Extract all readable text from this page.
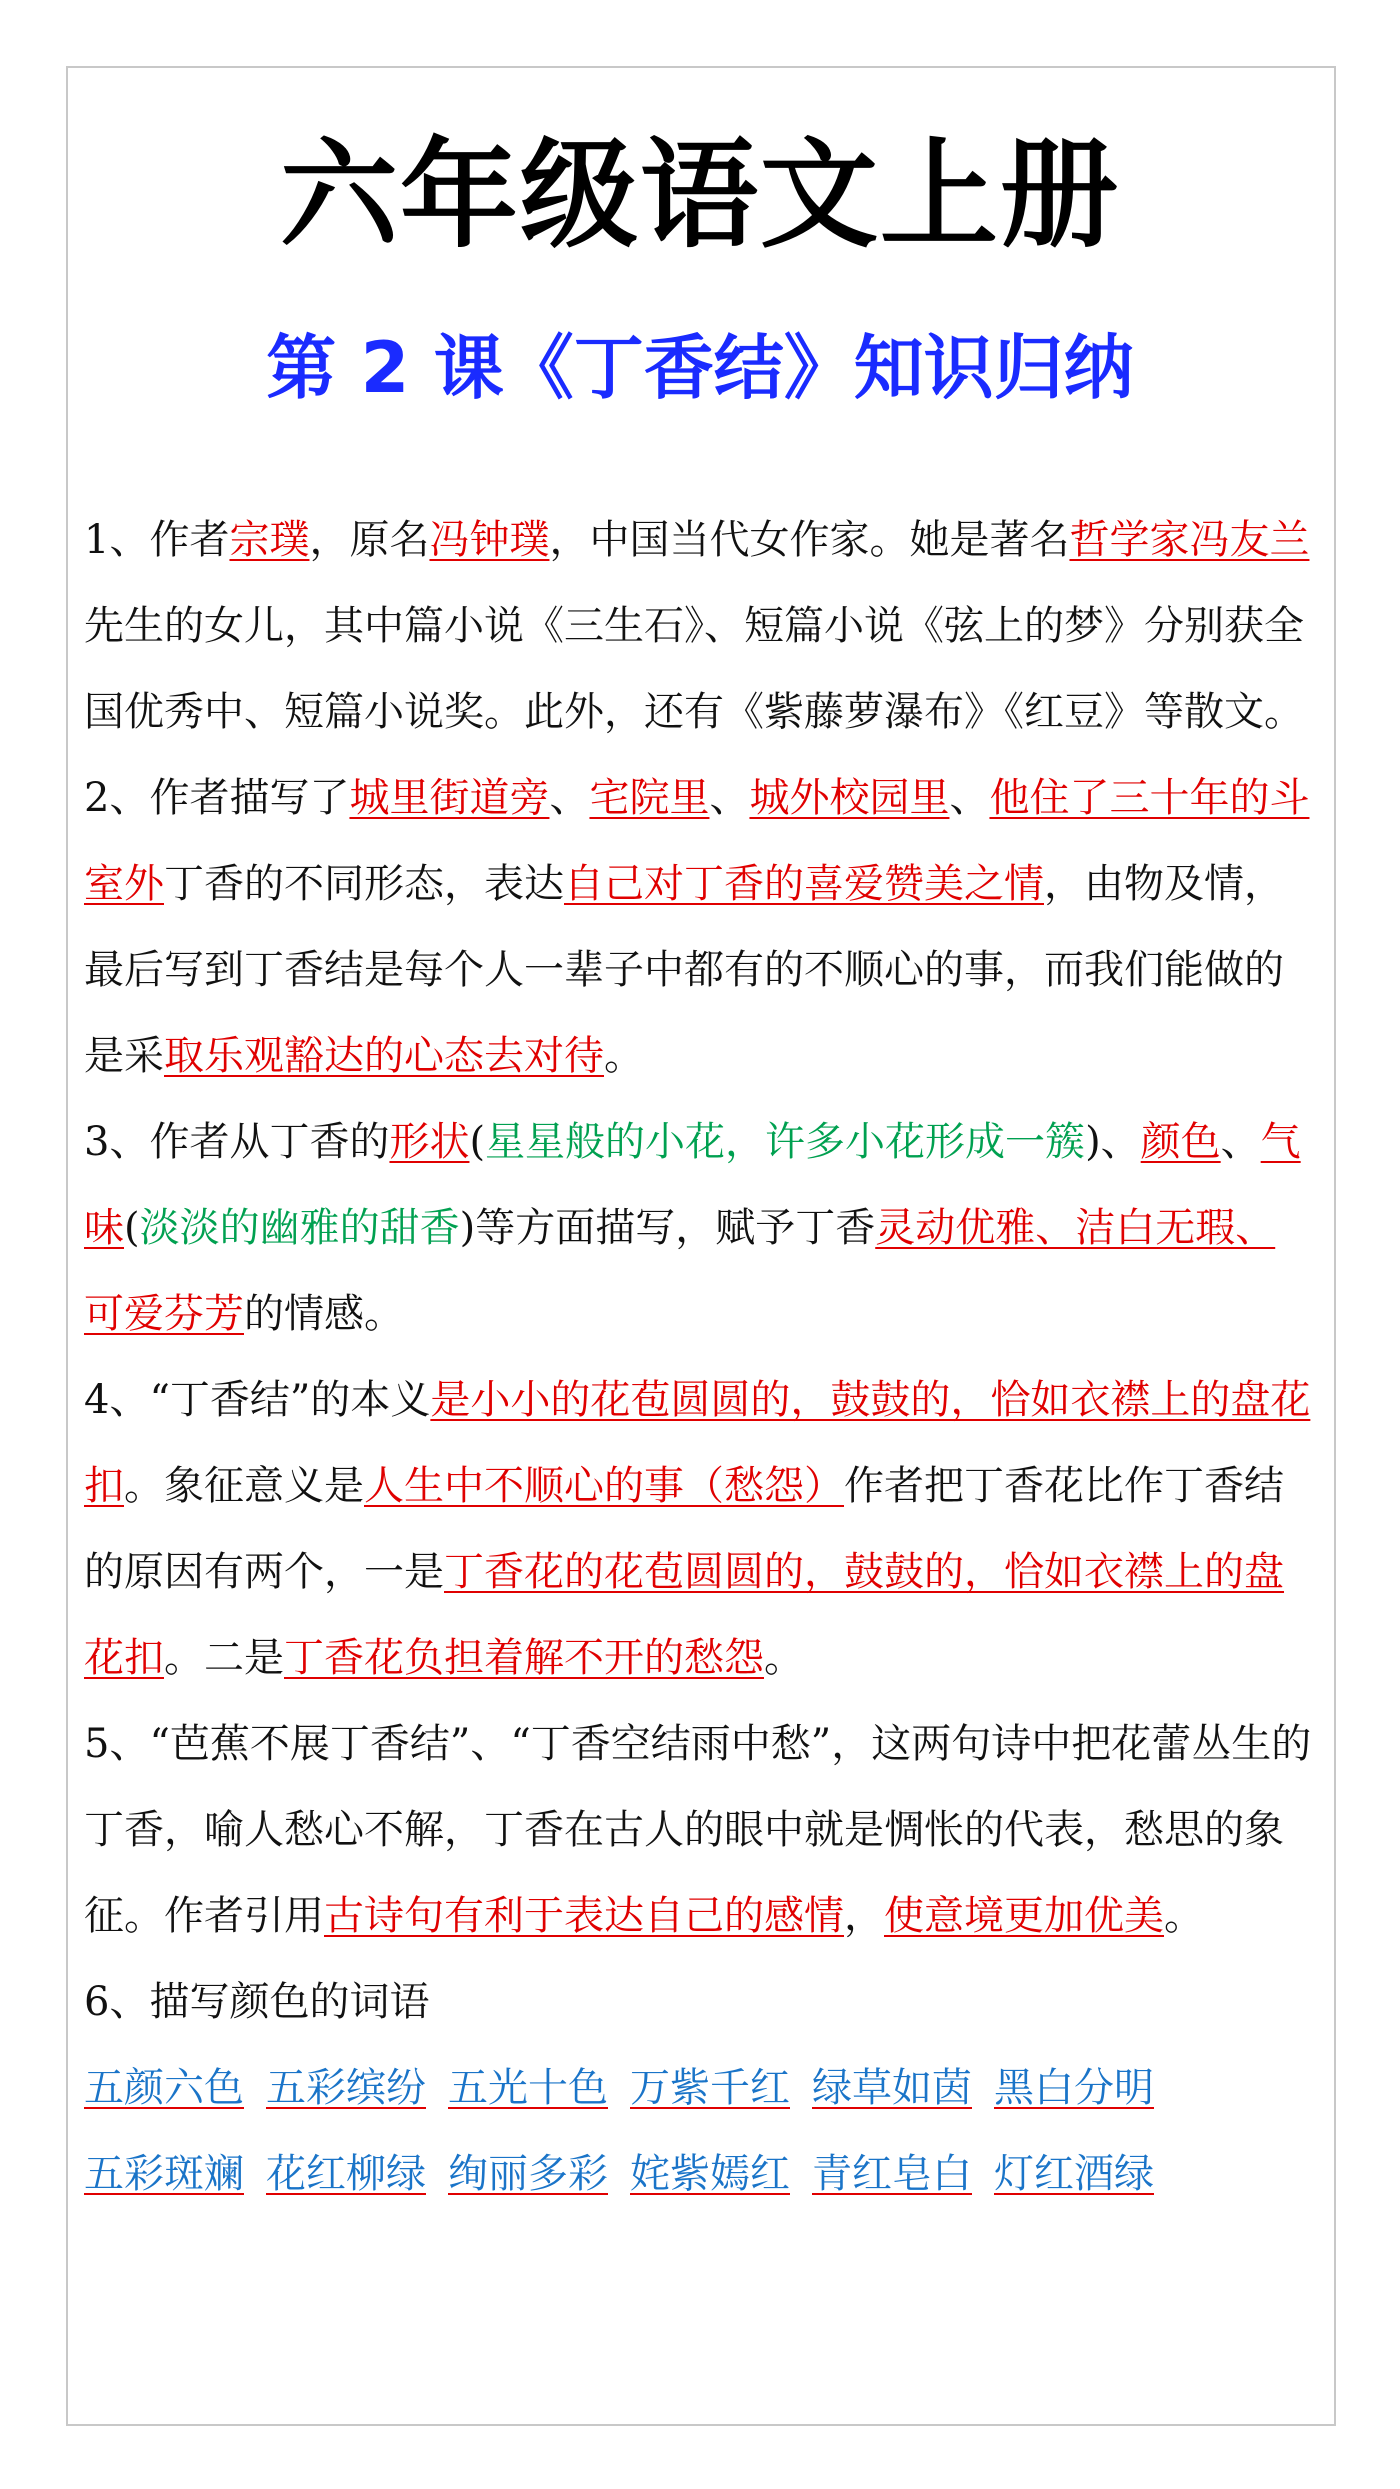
六年级语文上册
第 2 课《丁香结》知识归纳

1、作者宗璞，原名冯钟璞，中国当代女作家。她是著名哲学家冯友兰先生的女儿，其中篇小说《三生石》、短篇小说《弦上的梦》分别获全国优秀中、短篇小说奖。此外，还有《紫藤萝瀑布》《红豆》等散文。

2、作者描写了城里街道旁、宅院里、城外校园里、他住了三十年的斗室外丁香的不同形态，表达自己对丁香的喜爱赞美之情，由物及情，最后写到丁香结是每个人一辈子中都有的不顺心的事，而我们能做的是采取乐观豁达的心态去对待。

3、作者从丁香的形状(星星般的小花，许多小花形成一簇)、颜色、气味(淡淡的幽雅的甜香)等方面描写，赋予丁香灵动优雅、洁白无瑕、可爱芬芳的情感。

4、“丁香结”的本义是小小的花苞圆圆的，鼓鼓的，恰如衣襟上的盘花扣。象征意义是人生中不顺心的事（愁怨）作者把丁香花比作丁香结的原因有两个，一是丁香花的花苞圆圆的，鼓鼓的，恰如衣襟上的盘花扣。二是丁香花负担着解不开的愁怨。

5、“芭蕉不展丁香结”、“丁香空结雨中愁”，这两句诗中把花蕾丛生的丁香，喻人愁心不解，丁香在古人的眼中就是惆怅的代表，愁思的象征。作者引用古诗句有利于表达自己的感情，使意境更加优美。

6、描写颜色的词语

五颜六色 五彩缤纷 五光十色 万紫千红 绿草如茵 黑白分明
五彩斑斓 花红柳绿 绚丽多彩 姹紫嫣红 青红皂白 灯红酒绿
